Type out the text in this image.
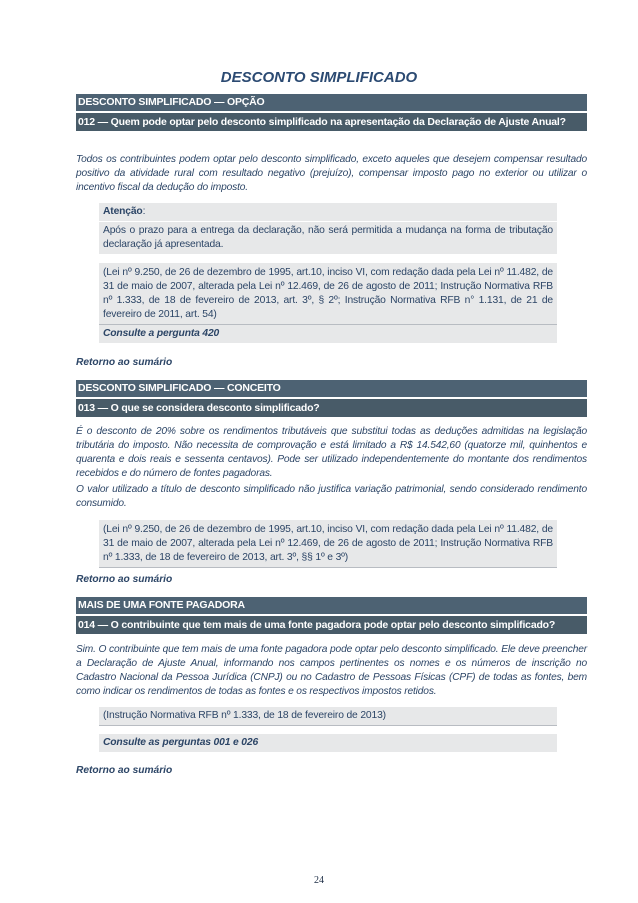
DESCONTO SIMPLIFICADO
DESCONTO SIMPLIFICADO — OPÇÃO
012 — Quem pode optar pelo desconto simplificado na apresentação da Declaração de Ajuste Anual?

Todos os contribuintes podem optar pelo desconto simplificado, exceto aqueles que desejem compensar resultado positivo da atividade rural com resultado negativo (prejuízo), compensar imposto pago no exterior ou utilizar o incentivo fiscal da dedução do imposto.

Atenção:
Após o prazo para a entrega da declaração, não será permitida a mudança na forma de tributação declaração já apresentada.
(Lei nº 9.250, de 26 de dezembro de 1995, art.10, inciso VI, com redação dada pela Lei nº 11.482, de 31 de maio de 2007, alterada pela Lei nº 12.469, de 26 de agosto de 2011; Instrução Normativa RFB nº 1.333, de 18 de fevereiro de 2013, art. 3º, § 2º; Instrução Normativa RFB n° 1.131, de 21 de fevereiro de 2011, art. 54)
Consulte a pergunta 420
Retorno ao sumário
DESCONTO SIMPLIFICADO — CONCEITO
013 — O que se considera desconto simplificado?

É o desconto de 20% sobre os rendimentos tributáveis que substitui todas as deduções admitidas na legislação tributária do imposto. Não necessita de comprovação e está limitado a R$ 14.542,60 (quatorze mil, quinhentos e quarenta e dois reais e sessenta centavos). Pode ser utilizado independentemente do montante dos rendimentos recebidos e do número de fontes pagadoras.

O valor utilizado a título de desconto simplificado não justifica variação patrimonial, sendo considerado rendimento consumido.

(Lei nº 9.250, de 26 de dezembro de 1995, art.10, inciso VI, com redação dada pela Lei nº 11.482, de 31 de maio de 2007, alterada pela Lei nº 12.469, de 26 de agosto de 2011; Instrução Normativa RFB nº 1.333, de 18 de fevereiro de 2013, art. 3º, §§ 1º e 3º)
Retorno ao sumário
MAIS DE UMA FONTE PAGADORA
014 — O contribuinte que tem mais de uma fonte pagadora pode optar pelo desconto simplificado?

Sim. O contribuinte que tem mais de uma fonte pagadora pode optar pelo desconto simplificado. Ele deve preencher a Declaração de Ajuste Anual, informando nos campos pertinentes os nomes e os números de inscrição no Cadastro Nacional da Pessoa Jurídica (CNPJ) ou no Cadastro de Pessoas Físicas (CPF) de todas as fontes, bem como indicar os rendimentos de todas as fontes e os respectivos impostos retidos.

(Instrução Normativa RFB nº 1.333, de 18 de fevereiro de 2013)
Consulte as perguntas 001 e 026
Retorno ao sumário
24
